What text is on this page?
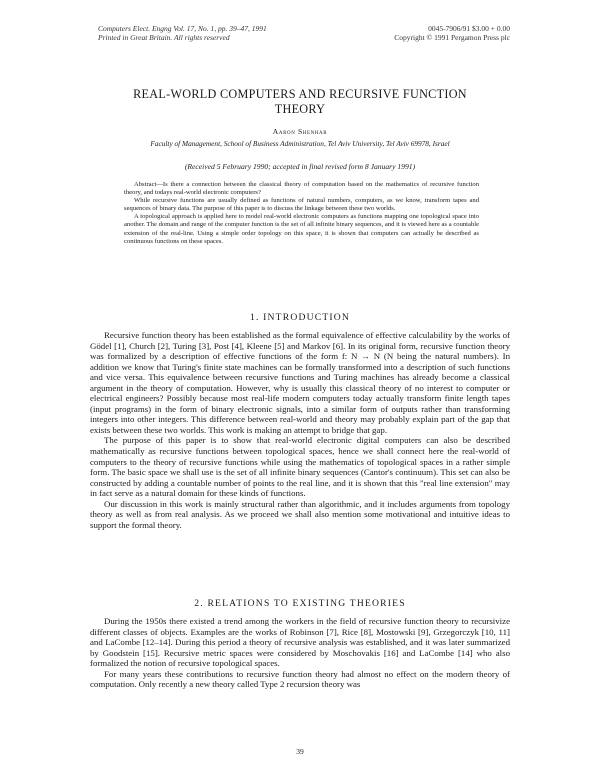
Computers Elect. Engng Vol. 17, No. 1, pp. 39–47, 1991
Printed in Great Britain. All rights reserved
0045-7906/91 $3.00 + 0.00
Copyright © 1991 Pergamon Press plc
REAL-WORLD COMPUTERS AND RECURSIVE FUNCTION
THEORY
Aaron Shenhar
Faculty of Management, School of Business Administration, Tel Aviv University, Tel Aviv 69978, Israel
(Received 5 February 1990; accepted in final revised form 8 January 1991)

Abstract—Is there a connection between the classical theory of computation based on the mathematics of recursive function theory, and todays real-world electronic computers?

While recursive functions are usually defined as functions of natural numbers, computers, as we know, transform tapes and sequences of binary data. The purpose of this paper is to discuss the linkage between these two worlds.

A topological approach is applied here to model real-world electronic computers as functions mapping one topological space into another. The domain and range of the computer function is the set of all infinite binary sequences, and it is viewed here as a countable extension of the real-line. Using a simple order topology on this space, it is shown that computers can actually be described as continuous functions on these spaces.

1. INTRODUCTION

Recursive function theory has been established as the formal equivalence of effective calculability by the works of Gödel [1], Church [2], Turing [3], Post [4], Kleene [5] and Markov [6]. In its original form, recursive function theory was formalized by a description of effective functions of the form f: N → N (N being the natural numbers). In addition we know that Turing's finite state machines can be formally transformed into a description of such functions and vice versa. This equivalence between recursive functions and Turing machines has already become a classical argument in the theory of computation. However, why is usually this classical theory of no interest to computer or electrical engineers? Possibly because most real-life modern computers today actually transform finite length tapes (input programs) in the form of binary electronic signals, into a similar form of outputs rather than transforming integers into other integers. This difference between real-world and theory may probably explain part of the gap that exists between these two worlds. This work is making an attempt to bridge that gap.

The purpose of this paper is to show that real-world electronic digital computers can also be described mathematically as recursive functions between topological spaces, hence we shall connect here the real-world of computers to the theory of recursive functions while using the mathematics of topological spaces in a rather simple form. The basic space we shall use is the set of all infinite binary sequences (Cantor's continuum). This set can also be constructed by adding a countable number of points to the real line, and it is shown that this "real line extension" may in fact serve as a natural domain for these kinds of functions.

Our discussion in this work is mainly structural rather than algorithmic, and it includes arguments from topology theory as well as from real analysis. As we proceed we shall also mention some motivational and intuitive ideas to support the formal theory.

2. RELATIONS TO EXISTING THEORIES

During the 1950s there existed a trend among the workers in the field of recursive function theory to recursivize different classes of objects. Examples are the works of Robinson [7], Rice [8], Mostowski [9], Grzegorczyk [10, 11] and LaCombe [12–14]. During this period a theory of recursive analysis was established, and it was later summarized by Goodstein [15]. Recursive metric spaces were considered by Moschovakis [16] and LaCombe [14] who also formalized the notion of recursive topological spaces.

For many years these contributions to recursive function theory had almost no effect on the modern theory of computation. Only recently a new theory called Type 2 recursion theory was

39
